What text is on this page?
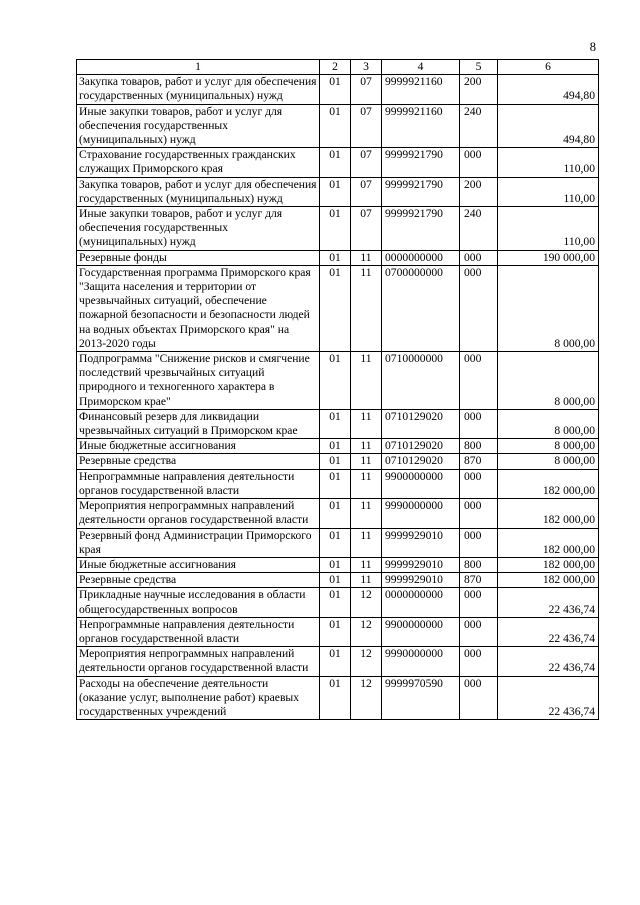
8
1	2	3	4	5	6
Закупка товаров, работ и услуг для обеспечения государственных (муниципальных) нужд	01	07	9999921160	200	494,80
Иные закупки товаров, работ и услуг для обеспечения государственных (муниципальных) нужд	01	07	9999921160	240	494,80
Страхование государственных гражданских служащих Приморского края	01	07	9999921790	000	110,00
Закупка товаров, работ и услуг для обеспечения государственных (муниципальных) нужд	01	07	9999921790	200	110,00
Иные закупки товаров, работ и услуг для обеспечения государственных (муниципальных) нужд	01	07	9999921790	240	110,00
Резервные фонды	01	11	0000000000	000	190 000,00
Государственная программа Приморского края "Защита населения и территории от чрезвычайных ситуаций, обеспечение пожарной безопасности и безопасности людей на водных объектах Приморского края" на 2013-2020 годы	01	11	0700000000	000	8 000,00
Подпрограмма "Снижение рисков и смягчение последствий чрезвычайных ситуаций природного и техногенного характера в Приморском крае"	01	11	0710000000	000	8 000,00
Финансовый резерв для ликвидации чрезвычайных ситуаций в Приморском крае	01	11	0710129020	000	8 000,00
Иные бюджетные ассигнования	01	11	0710129020	800	8 000,00
Резервные средства	01	11	0710129020	870	8 000,00
Непрограммные направления деятельности органов государственной власти	01	11	9900000000	000	182 000,00
Мероприятия непрограммных направлений деятельности органов государственной власти	01	11	9990000000	000	182 000,00
Резервный фонд Администрации Приморского края	01	11	9999929010	000	182 000,00
Иные бюджетные ассигнования	01	11	9999929010	800	182 000,00
Резервные средства	01	11	9999929010	870	182 000,00
Прикладные научные исследования в области общегосударственных вопросов	01	12	0000000000	000	22 436,74
Непрограммные направления деятельности органов государственной власти	01	12	9900000000	000	22 436,74
Мероприятия непрограммных направлений деятельности органов государственной власти	01	12	9990000000	000	22 436,74
Расходы на обеспечение деятельности (оказание услуг, выполнение работ) краевых государственных учреждений	01	12	9999970590	000	22 436,74
